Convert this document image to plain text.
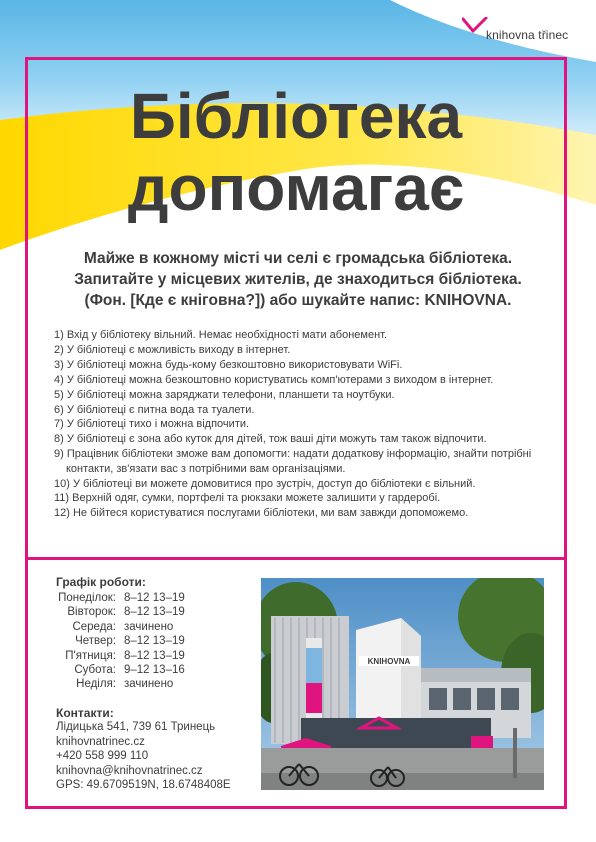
knihovna třinec
Бібліотека
допомагає
Майже в кожному місті чи селі є громадська бібліотека.
Запитайте у місцевих жителів, де знаходиться бібліотека.
(Фон. [Кде є кнігoвна?]) або шукайте напис: KNIHOVNA.
1) Вхід у бібліотеку вільний. Немає необхідності мати абонемент.
2) У бібліотеці є можливість виходу в інтернет.
3) У бібліотеці можна будь-кому безкоштовно використовувати WiFi.
4) У бібліотеці можна безкоштовно користуватись комп'ютерами з виходом в інтернет.
5) У бібліотеці можна заряджати телефони, планшети та ноутбуки.
6) У бібліотеці є питна вода та туалети.
7) У бібліотеці тихо і можна відпочити.
8) У бібліотеці є зона або куток для дітей, тож ваші діти можуть там також відпочити.
9) Працівник бібліотеки зможе вам допомогти: надати додаткову інформацію, знайти потрібні контакти, зв'язати вас з потрібними вам організаціями.
10) У бібліотеці ви можете домовитися про зустріч, доступ до бібліотеки є вільний.
11) Верхній одяг, сумки, портфелі та рюкзаки можете залишити у гардеробі.
12) Не бійтеся користуватися послугами бібліотеки, ми вам завжди допоможемо.
Графік роботи:
Понеділок:	8–12 13–19
Вівторок:	8–12 13–19
Середа:	зачинено
Четвер:	8–12 13–19
П'ятниця:	8–12 13–19
Субота:	9–12 13–16
Неділя:	зачинено
Контакти:
Лідицька 541, 739 61 Тринець
knihovnatrinec.cz
+420 558 999 110
knihovna@knihovnatrinec.cz
GPS: 49.6709519N, 18.6748408E
KNIHOVNA
